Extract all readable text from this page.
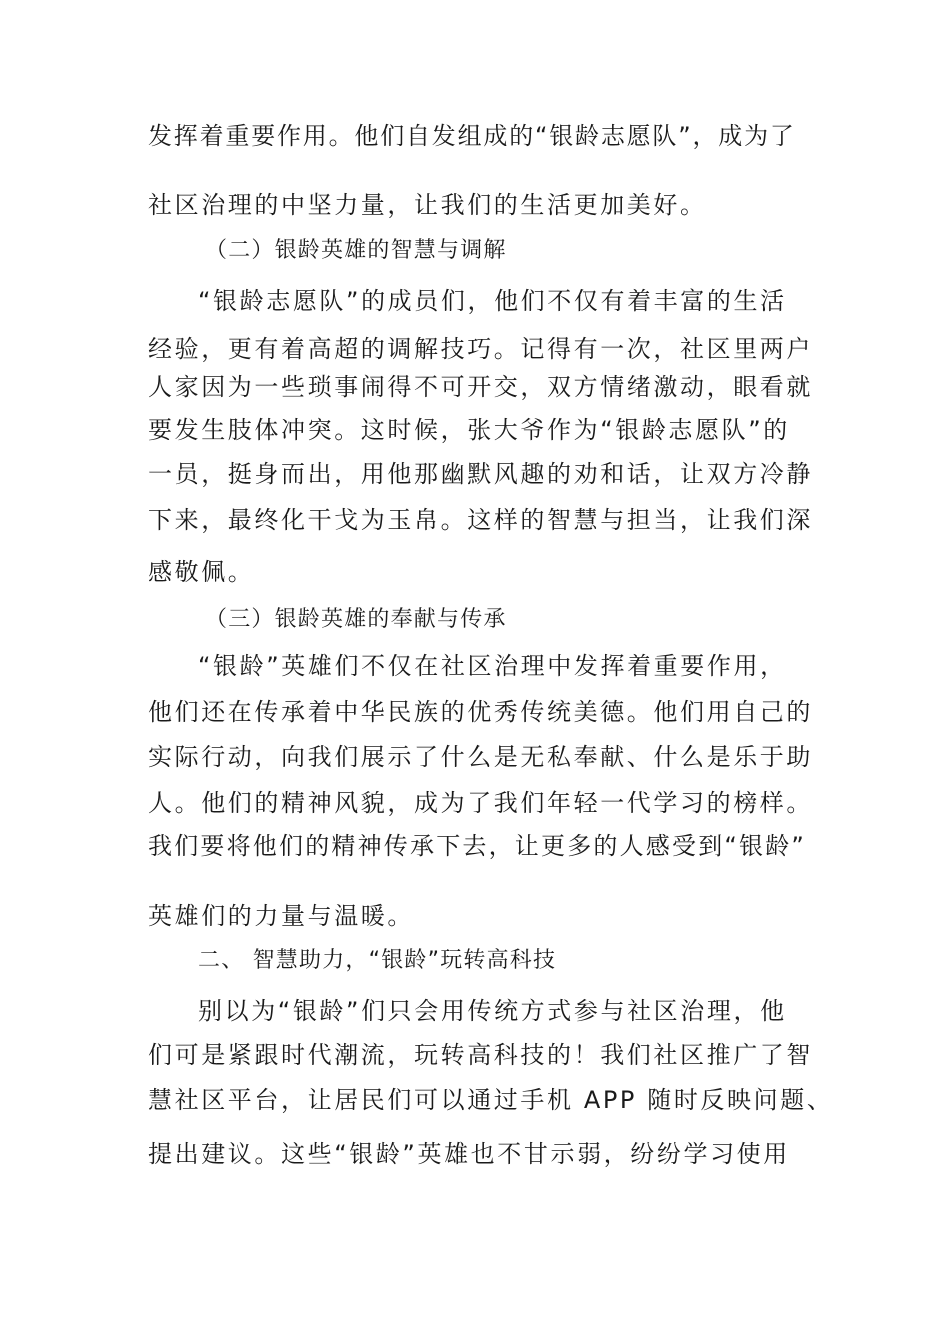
发挥着重要作用。他们自发组成的“银龄志愿队”，成为了
社区治理的中坚力量，让我们的生活更加美好。
（二）银龄英雄的智慧与调解
“银龄志愿队”的成员们，他们不仅有着丰富的生活
经验，更有着高超的调解技巧。记得有一次，社区里两户
人家因为一些琐事闹得不可开交，双方情绪激动，眼看就
要发生肢体冲突。这时候，张大爷作为“银龄志愿队”的
一员，挺身而出，用他那幽默风趣的劝和话，让双方冷静
下来，最终化干戈为玉帛。这样的智慧与担当，让我们深
感敬佩。
（三）银龄英雄的奉献与传承
“银龄”英雄们不仅在社区治理中发挥着重要作用，
他们还在传承着中华民族的优秀传统美德。他们用自己的
实际行动，向我们展示了什么是无私奉献、什么是乐于助
人。他们的精神风貌，成为了我们年轻一代学习的榜样。
我们要将他们的精神传承下去，让更多的人感受到“银龄”
英雄们的力量与温暖。
二、 智慧助力，“银龄”玩转高科技
别以为“银龄”们只会用传统方式参与社区治理，他
们可是紧跟时代潮流，玩转高科技的！我们社区推广了智
慧社区平台，让居民们可以通过手机 APP 随时反映问题、
提出建议。这些“银龄”英雄也不甘示弱，纷纷学习使用
